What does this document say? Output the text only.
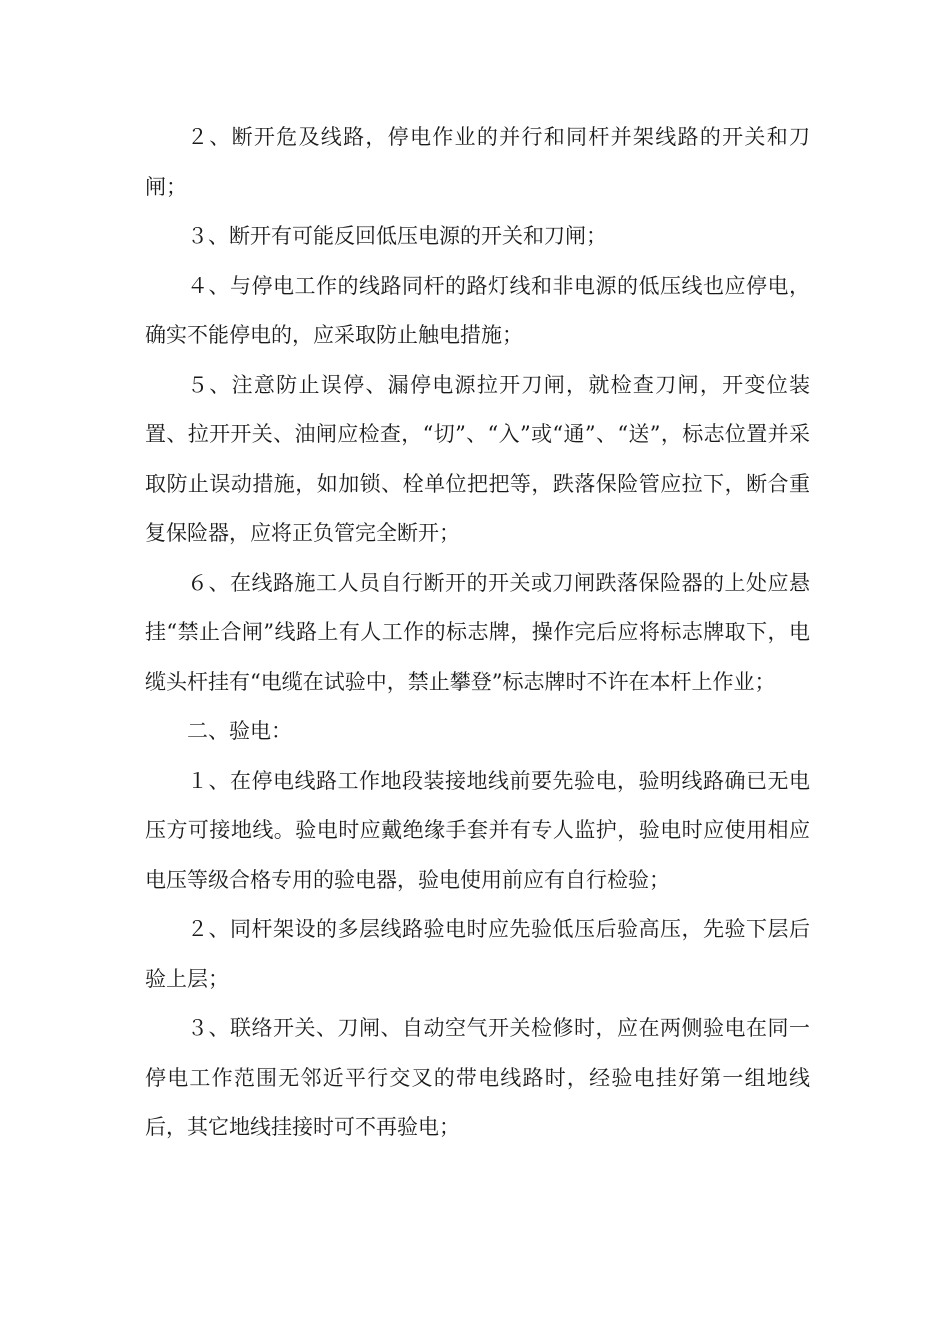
２、断开危及线路，停电作业的并行和同杆并架线路的开关和刀闸；

３、断开有可能反回低压电源的开关和刀闸；

４、与停电工作的线路同杆的路灯线和非电源的低压线也应停电，确实不能停电的，应采取防止触电措施；

５、注意防止误停、漏停电源拉开刀闸，就检查刀闸，开变位装置、拉开开关、油闸应检查，“切”、“入”或“通”、“送”，标志位置并采取防止误动措施，如加锁、栓单位把把等，跌落保险管应拉下，断合重复保险器，应将正负管完全断开；

６、在线路施工人员自行断开的开关或刀闸跌落保险器的上处应悬挂“禁止合闸”线路上有人工作的标志牌，操作完后应将标志牌取下，电缆头杆挂有“电缆在试验中，禁止攀登”标志牌时不许在本杆上作业；

二、验电：

１、在停电线路工作地段装接地线前要先验电，验明线路确已无电压方可接地线。验电时应戴绝缘手套并有专人监护，验电时应使用相应电压等级合格专用的验电器，验电使用前应有自行检验；

２、同杆架设的多层线路验电时应先验低压后验高压，先验下层后验上层；

３、联络开关、刀闸、自动空气开关检修时，应在两侧验电在同一停电工作范围无邻近平行交叉的带电线路时，经验电挂好第一组地线后，其它地线挂接时可不再验电；
